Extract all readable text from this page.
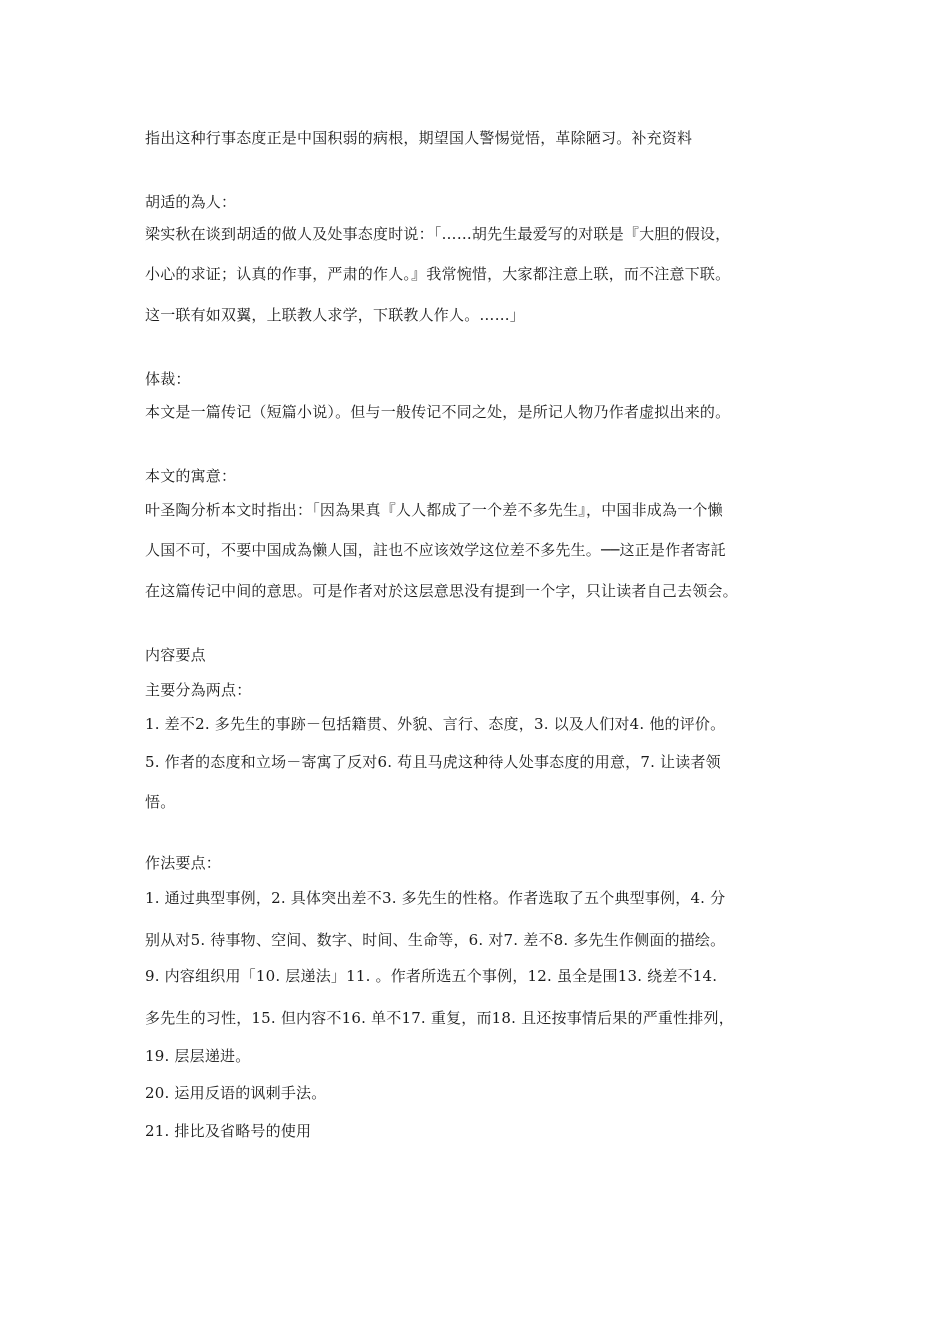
指出这种行事态度正是中国积弱的病根，期望国人警惕觉悟，革除陋习。补充资料
胡适的為人：
梁实秋在谈到胡适的做人及处事态度时说：「……胡先生最爱写的对联是『大胆的假设，
小心的求证；认真的作事，严肃的作人。』我常惋惜，大家都注意上联，而不注意下联。
这一联有如双翼，上联教人求学，下联教人作人。……」
体裁：
本文是一篇传记（短篇小说）。但与一般传记不同之处，是所记人物乃作者虚拟出来的。
本文的寓意：
叶圣陶分析本文时指出：「因為果真『人人都成了一个差不多先生』，中国非成為一个懒
人国不可，不要中国成為懒人国，註也不应该效学这位差不多先生。──这正是作者寄託
在这篇传记中间的意思。可是作者对於这层意思没有提到一个字，只让读者自己去领会。
内容要点
主要分為两点：
1. 差不2. 多先生的事跡－包括籍贯、外貌、言行、态度，3. 以及人们对4. 他的评价。
5. 作者的态度和立场－寄寓了反对6. 苟且马虎这种待人处事态度的用意，7. 让读者领
悟。
作法要点：
1. 通过典型事例，2. 具体突出差不3. 多先生的性格。作者选取了五个典型事例，4. 分
别从对5. 待事物、空间、数字、时间、生命等，6. 对7. 差不8. 多先生作侧面的描绘。
9. 内容组织用「10. 层递法」11. 。作者所选五个事例，12. 虽全是围13. 绕差不14.
多先生的习性，15. 但内容不16. 单不17. 重复，而18. 且还按事情后果的严重性排列，
19. 层层递进。
20. 运用反语的讽刺手法。
21. 排比及省略号的使用
